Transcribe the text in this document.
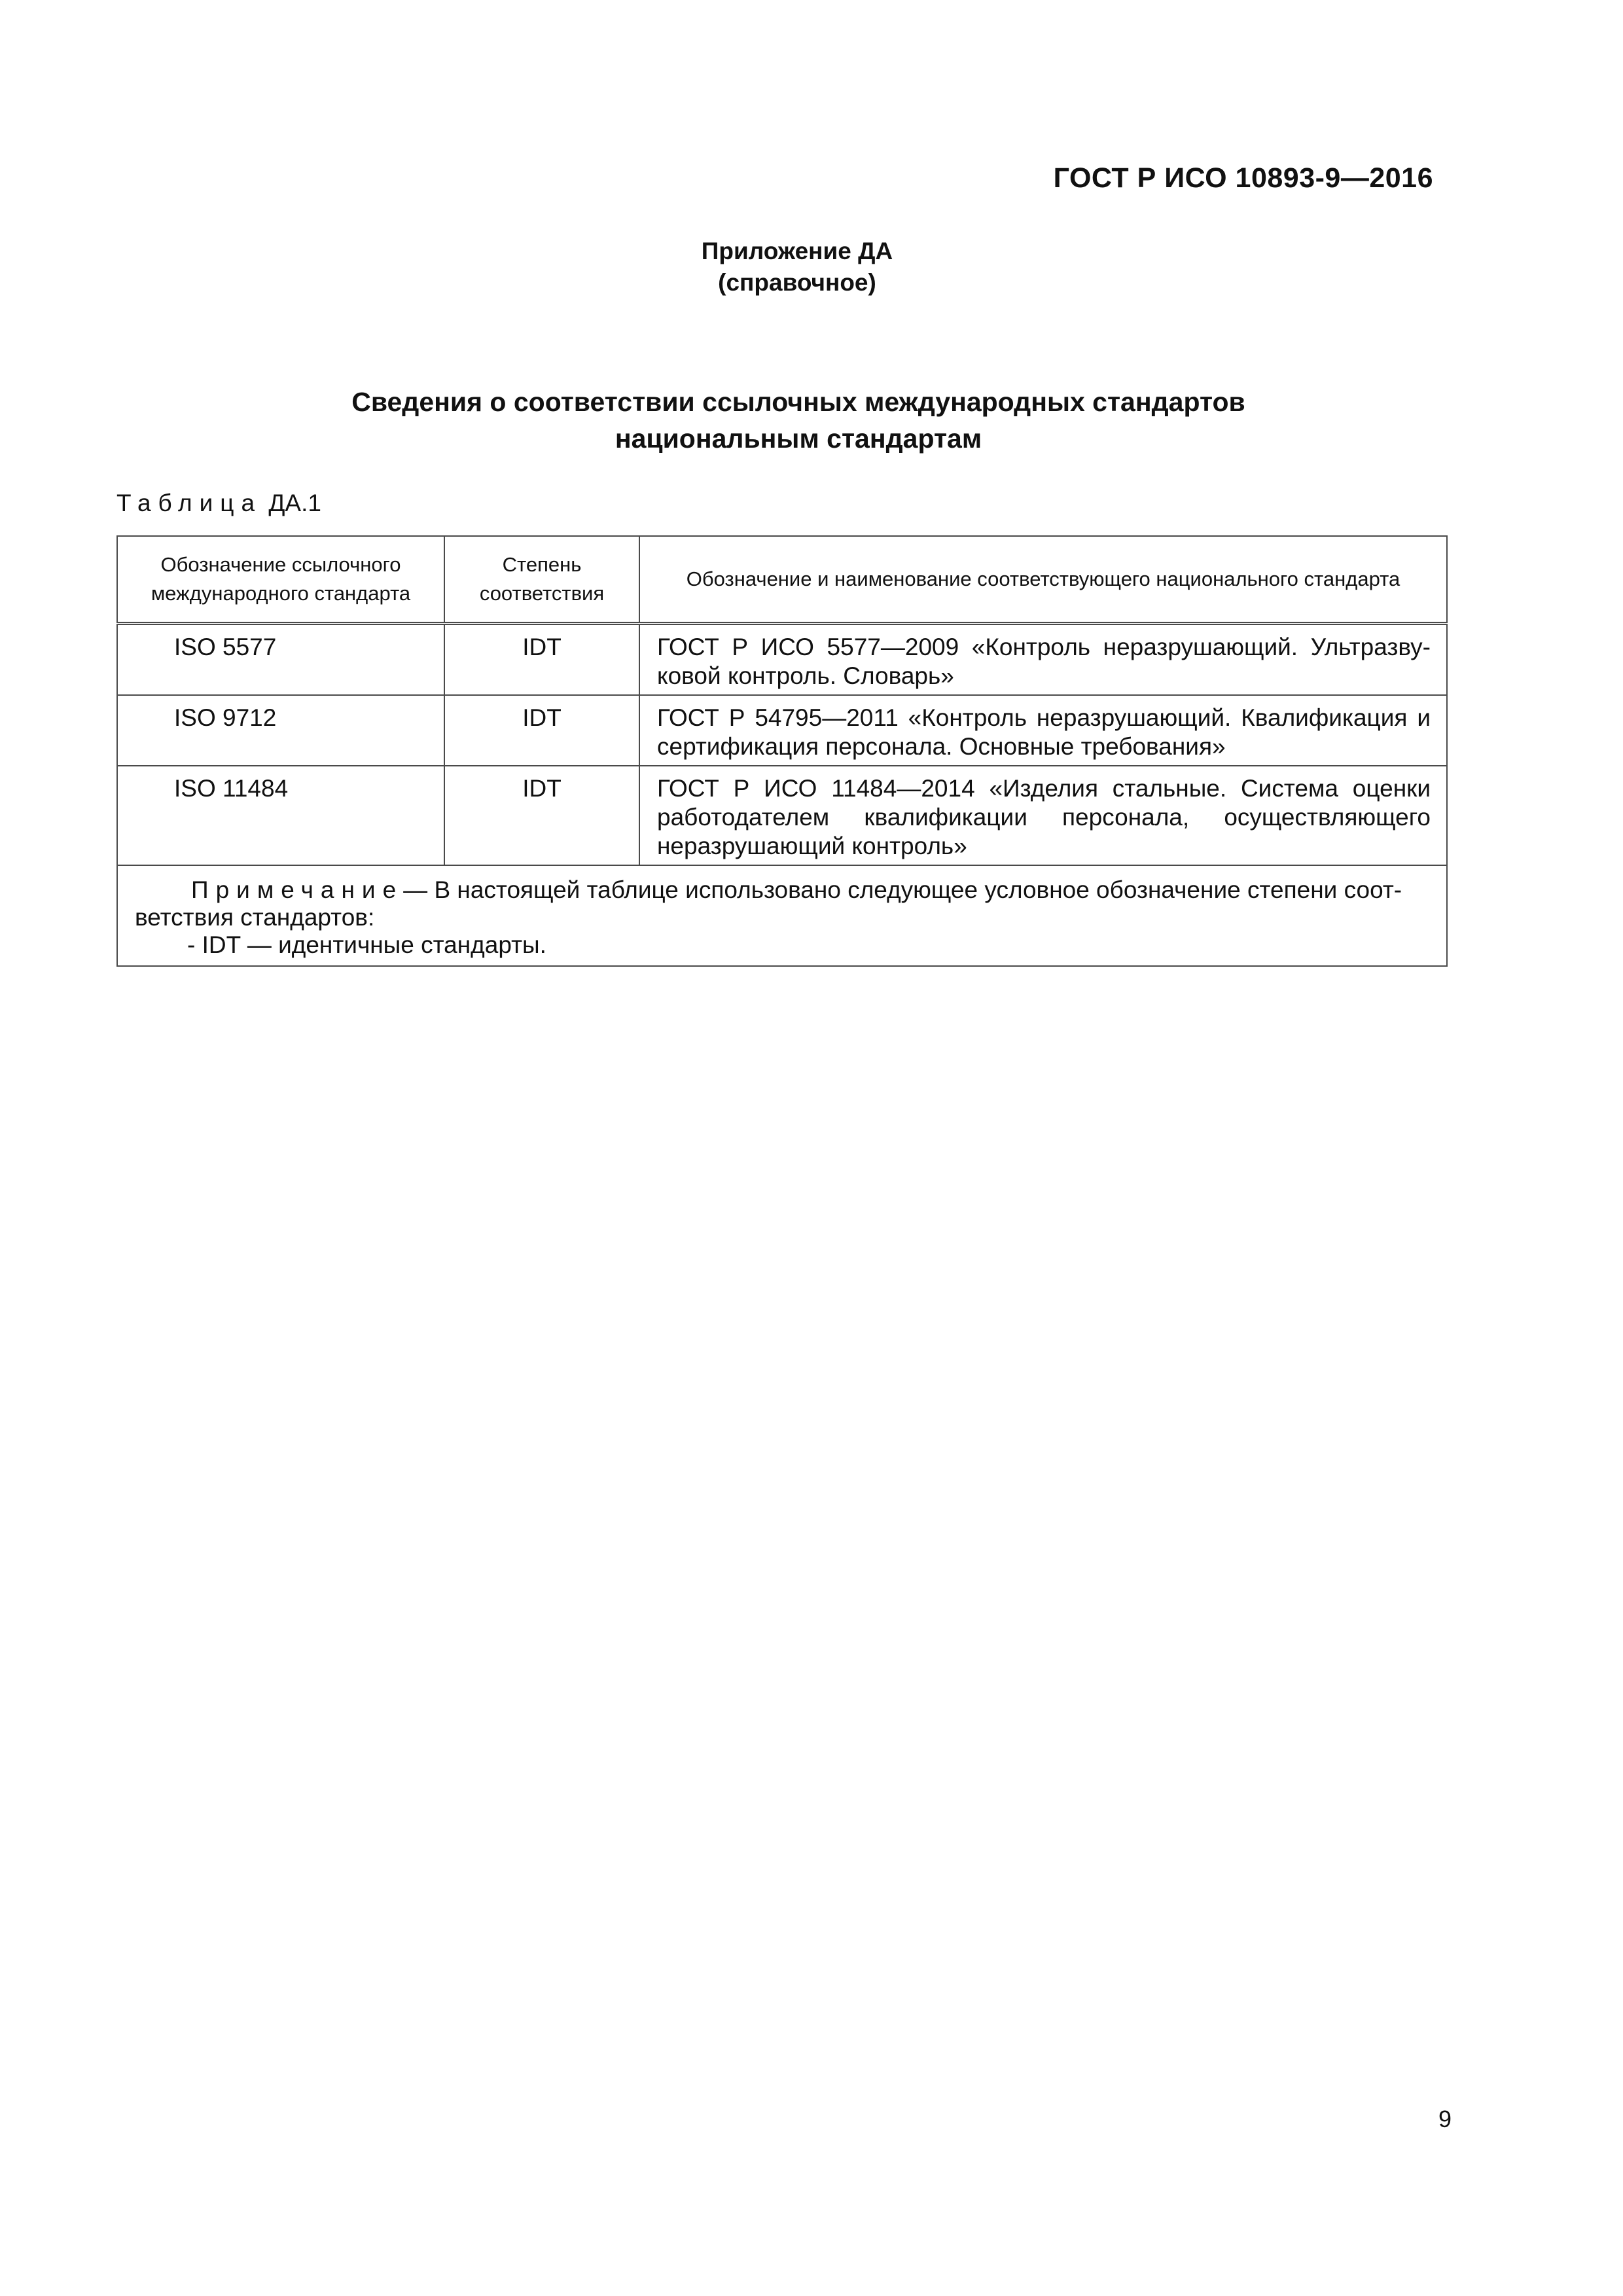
ГОСТ Р ИСО 10893-9—2016
Приложение ДА
(справочное)
Сведения о соответствии ссылочных международных стандартов
национальным стандартам
Таблица ДА.1
Обозначение ссылочного международного стандарта	Степень соответствия	Обозначение и наименование соответствующего национального стандарта
ISO 5577	IDT	ГОСТ Р ИСО 5577—2009 «Контроль неразрушающий. Ультразву-ковой контроль. Словарь»
ISO 9712	IDT	ГОСТ Р 54795—2011 «Контроль неразрушающий. Квалификация и сертификация персонала. Основные требования»
ISO 11484	IDT	ГОСТ Р ИСО 11484—2014 «Изделия стальные. Система оценки работодателем квалификации персонала, осуществляющего неразрушающий контроль»
Примечание— В настоящей таблице использовано следующее условное обозначение степени соот-ветствия стандартов:
- IDT — идентичные стандарты.		
9
